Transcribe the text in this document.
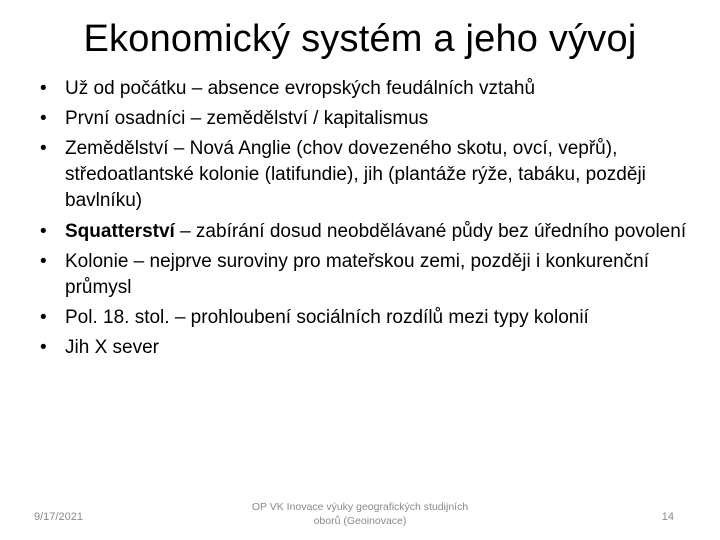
Ekonomický systém a jeho vývoj
• Už od počátku – absence evropských feudálních vztahů
• První osadníci – zemědělství / kapitalismus
• Zemědělství – Nová Anglie (chov dovezeného skotu, ovcí, vepřů), středoatlantské kolonie (latifundie), jih (plantáže rýže, tabáku, později bavlníku)
• Squatterství – zabírání dosud neobdělávané půdy bez úředního povolení
• Kolonie – nejprve suroviny pro mateřskou zemi, později i konkurenční průmysl
• Pol. 18. stol. – prohloubení sociálních rozdílů mezi typy kolonií
• Jih X sever
9/17/2021
OP VK Inovace výuky geografických studijních oborů (Geoinovace)	14
